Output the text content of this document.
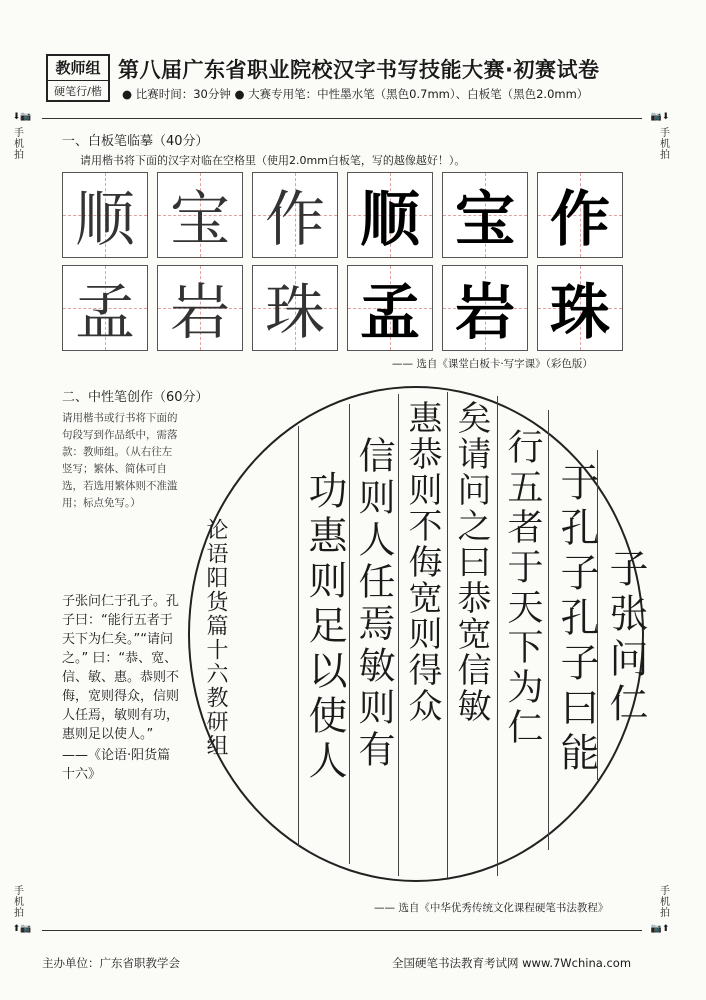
教师组
硬笔行/楷
第八届广东省职业院校汉字书写技能大赛·初赛试卷
● 比赛时间：30分钟 ● 大赛专用笔：中性墨水笔（黑色0.7mm）、白板笔（黑色2.0mm）
⬇📷
手机拍
📷⬇
手机拍
手机拍
⬆📷
手机拍
📷⬆
一、白板笔临摹（40分）
请用楷书将下面的汉字对临在空格里（使用2.0mm白板笔，写的越像越好！）。
顺 宝 作 顺 宝 作
孟 岩 珠 孟 岩 珠
—— 选自《课堂白板卡·写字课》（彩色版）
二、中性笔创作（60分）
请用楷书或行书将下面的句段写到作品纸中，需落款：教师组。（从右往左竖写；繁体、简体可自选，若选用繁体则不准滥用；标点免写。）
子张问仁于孔子。孔子曰：“能行五者于天下为仁矣。”“请问之。” 曰：“恭、宽、信、敏、惠。恭则不侮，宽则得众，信则人任焉，敏则有功，惠则足以使人。”
——《论语·阳货篇十六》
子张问仁
于孔子孔子曰能
行五者于天下为仁
矣请问之曰恭宽信敏
惠恭则不侮宽则得众
信则人任焉敏则有
功惠则足以使人
论语阳货篇十六教研组
—— 选自《中华优秀传统文化课程硬笔书法教程》
主办单位：广东省职教学会	全国硬笔书法教育考试网 www.7Wchina.com
